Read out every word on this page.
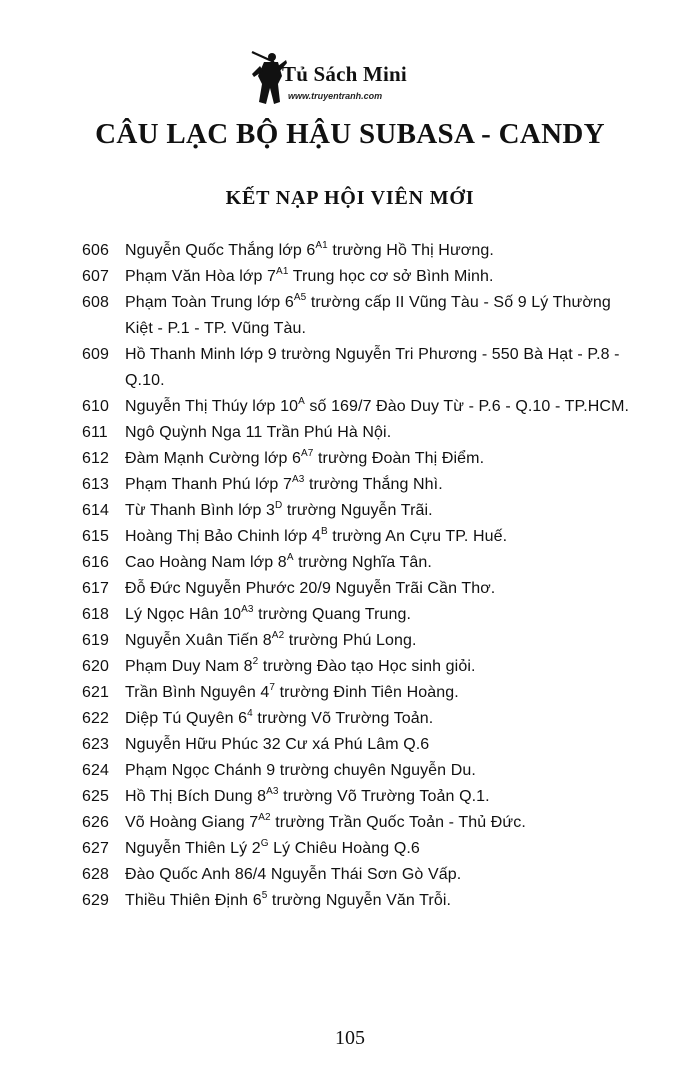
Tủ Sách Mini
www.truyentranh.com
CÂU LẠC BỘ HẬU SUBASA - CANDY
KẾT NẠP HỘI VIÊN MỚI
606	Nguyễn Quốc Thắng lớp $6^{A1}$ trường Hồ Thị Hương.
607	Phạm Văn Hòa lớp $7^{A1}$ Trung học cơ sở Bình Minh.
608	Phạm Toàn Trung lớp $6^{A5}$ trường cấp II Vũng Tàu - Số 9 Lý Thường Kiệt - P.1 - TP. Vũng Tàu.
609	Hồ Thanh Minh lớp 9 trường Nguyễn Tri Phương - 550 Bà Hạt - P.8 - Q.10.
610	Nguyễn Thị Thúy lớp $10^A$ số 169/7 Đào Duy Từ - P.6 - Q.10 - TP.HCM.
611	Ngô Quỳnh Nga 11 Trần Phú Hà Nội.
612	Đàm Mạnh Cường lớp $6^{A7}$ trường Đoàn Thị Điểm.
613	Phạm Thanh Phú lớp $7^{A3}$ trường Thắng Nhì.
614	Từ Thanh Bình lớp $3^D$ trường Nguyễn Trãi.
615	Hoàng Thị Bảo Chinh lớp $4^B$ trường An Cựu TP. Huế.
616	Cao Hoàng Nam lớp $8^A$ trường Nghĩa Tân.
617	Đỗ Đức Nguyễn Phước 20/9 Nguyễn Trãi Cần Thơ.
618	Lý Ngọc Hân $10^{A3}$ trường Quang Trung.
619	Nguyễn Xuân Tiến $8^{A2}$ trường Phú Long.
620	Phạm Duy Nam $8^2$ trường Đào tạo Học sinh giỏi.
621	Trần Bình Nguyên $4^7$ trường Đinh Tiên Hoàng.
622	Diệp Tú Quyên $6^4$ trường Võ Trường Toản.
623	Nguyễn Hữu Phúc 32 Cư xá Phú Lâm Q.6
624	Phạm Ngọc Chánh 9 trường chuyên Nguyễn Du.
625	Hồ Thị Bích Dung $8^{A3}$ trường Võ Trường Toản Q.1.
626	Võ Hoàng Giang $7^{A2}$ trường Trần Quốc Toản - Thủ Đức.
627	Nguyễn Thiên Lý $2^G$ Lý Chiêu Hoàng Q.6
628	Đào Quốc Anh 86/4 Nguyễn Thái Sơn Gò Vấp.
629	Thiều Thiên Định $6^5$ trường Nguyễn Văn Trỗi.
105
